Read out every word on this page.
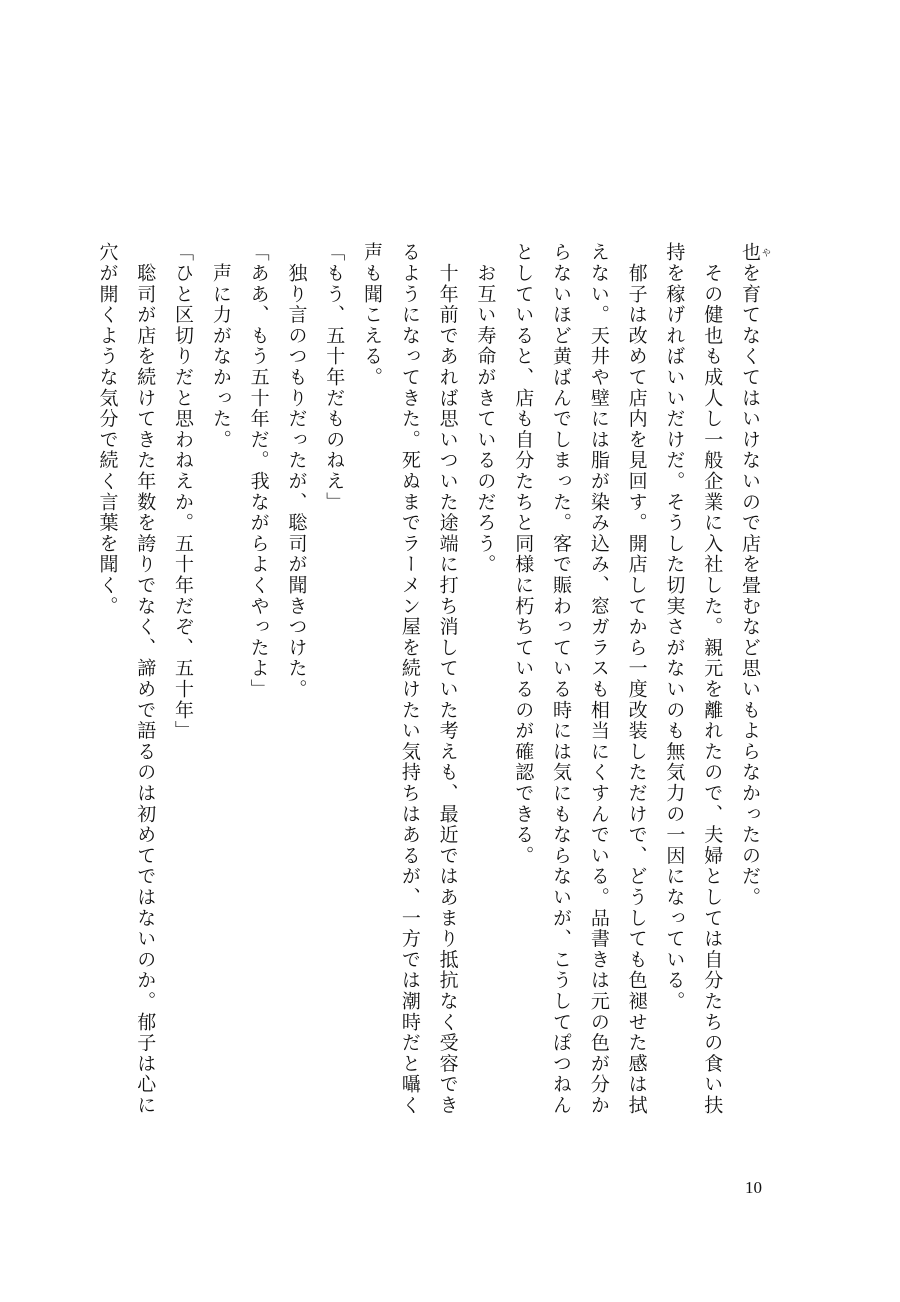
也 やを育てなくてはいけないので店を畳むなど思いもよらなかったのだ。
　その健也も成人し一般企業に入社した。親元を離れたので、夫婦としては自分たちの食い扶
持を稼げればいいだけだ。そうした切実さがないのも無気力の一因になっている。
　郁子は改めて店内を見回す。開店してから一度改装しただけで、どうしても色褪せた感は拭
えない。天井や壁には脂が染み込み、窓ガラスも相当にくすんでいる。品書きは元の色が分か
らないほど黄ばんでしまった。客で賑わっている時には気にもならないが、こうしてぽつねん
としていると、店も自分たちと同様に朽ちているのが確認できる。
　お互い寿命がきているのだろう。
　十年前であれば思いついた途端に打ち消していた考えも、最近ではあまり抵抗なく受容でき
るようになってきた。死ぬまでラーメン屋を続けたい気持ちはあるが、一方では潮時だと囁く
声も聞こえる。
「もう、五十年だものねえ」
　独り言のつもりだったが、聡司が聞きつけた。
「ああ、もう五十年だ。我ながらよくやったよ」
　声に力がなかった。
「ひと区切りだと思わねえか。五十年だぞ、五十年」
　聡司が店を続けてきた年数を誇りでなく、諦めで語るのは初めてではないのか。郁子は心に
穴が開くような気分で続く言葉を聞く。
10
